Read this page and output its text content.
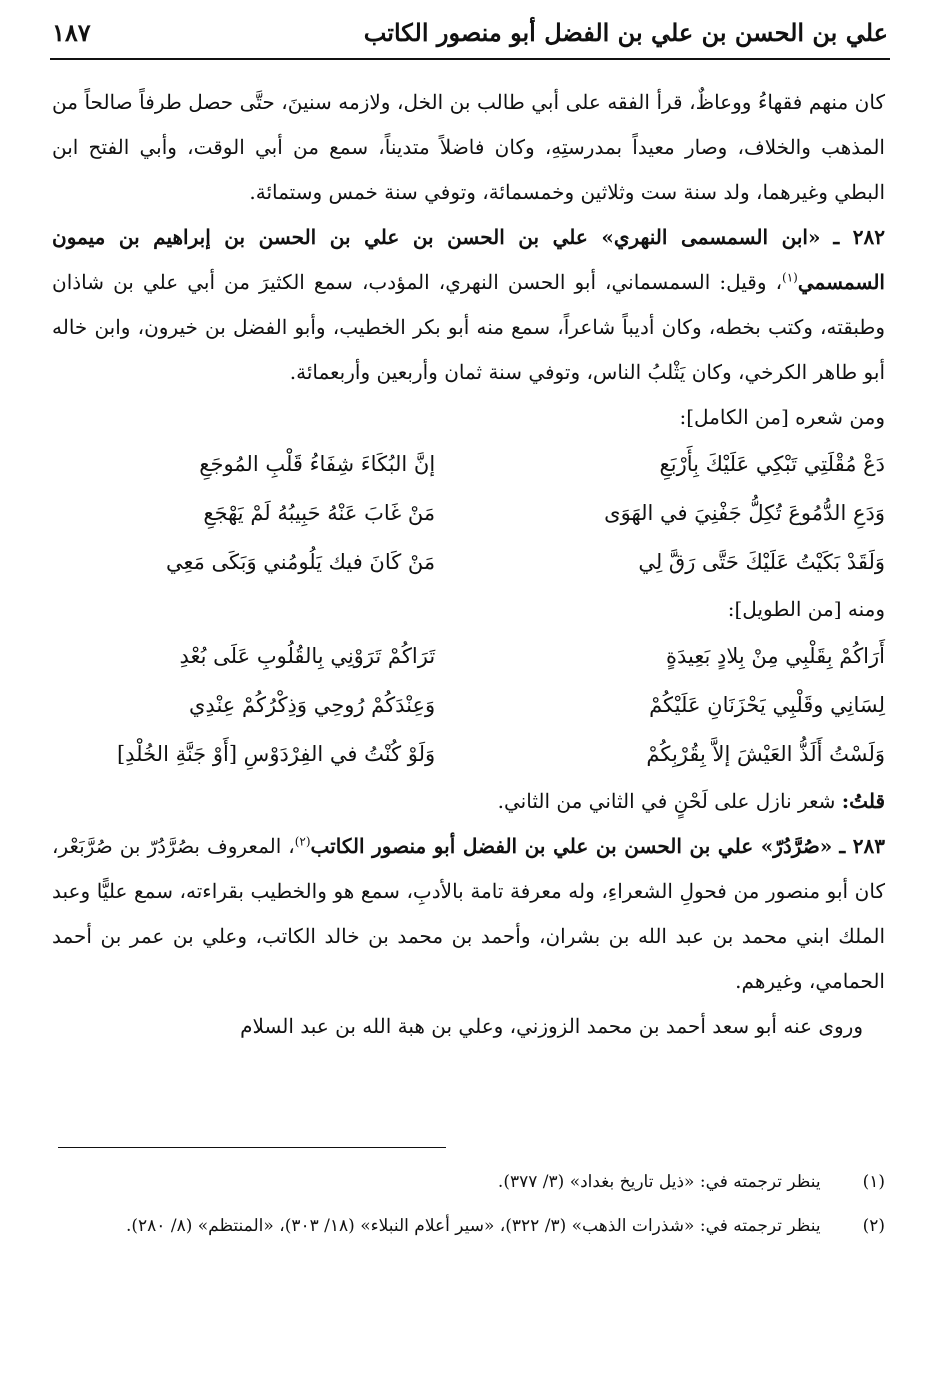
علي بن الحسن بن علي بن الفضل أبو منصور الكاتب
١٨٧

كان منهم فقهاءُ ووعاظٌ، قرأ الفقه على أبي طالب بن الخل، ولازمه سنينَ، حتَّى حصل طرفاً صالحاً من المذهب والخلاف، وصار معيداً بمدرستِهِ، وكان فاضلاً متديناً، سمع من أبي الوقت، وأبي الفتح ابن البطي وغيرهما، ولد سنة ست وثلاثين وخمسمائة، وتوفي سنة خمس وستمائة.

٢٨٢ ـ «ابن السمسمى النهري» علي بن الحسن بن علي بن الحسن بن إبراهيم بن ميمون السمسمي$^{(١)}$، وقيل: السمسماني، أبو الحسن النهري، المؤدب، سمع الكثيرَ من أبي علي بن شاذان وطبقته، وكتب بخطه، وكان أديباً شاعراً، سمع منه أبو بكر الخطيب، وأبو الفضل بن خيرون، وابن خاله أبو طاهر الكرخي، وكان يَثْلبُ الناس، وتوفي سنة ثمان وأربعين وأربعمائة.

ومن شعره [من الكامل]:

دَعْ مُقْلَتِي تَبْكِي عَلَيْكَ بِأَرْبَعِ
إنَّ البُكَاءَ شِفَاءُ قَلْبِ المُوجَعِ
وَدَعِ الدُّمُوعَ تُكِلُّ جَفْنِيَ في الهَوَى
مَنْ غَابَ عَنْهُ حَبِيبُهُ لَمْ يَهْجَعِ
وَلَقَدْ بَكَيْتُ عَلَيْكَ حَتَّى رَقَّ لِي
مَنْ كَانَ فيك يَلُومُني وَبَكَى مَعِي

ومنه [من الطويل]:

أَرَاكُمْ بِقَلْبِي مِنْ بِلادٍ بَعِيدَةٍ
تَرَاكُمْ تَرَوْنِي بِالقُلُوبِ عَلَى بُعْدِ
لِسَانِي وقَلْبِي يَحْزَنَانِ عَلَيْكُمْ
وَعِنْدَكُمْ رُوحِي وَذِكْرُكُمْ عِنْدِي
وَلَسْتُ أَلَذُّ العَيْشَ إلاَّ بِقُرْبِكُمْ
وَلَوْ كُنْتُ في الفِرْدَوْسِ [أَوْ جَنَّةِ الخُلْدِ]

قلتُ: شعر نازل على لَحْنٍ في الثاني من الثاني.

٢٨٣ ـ «صُرَّدُرّ» علي بن الحسن بن علي بن الفضل أبو منصور الكاتب$^{(٢)}$، المعروف بصُرَّدُرّ بن صُرَّبَعْر، كان أبو منصور من فحولِ الشعراءِ، وله معرفة تامة بالأدبِ، سمع هو والخطيب بقراءته، سمع عليًّا وعبد الملك ابني محمد بن عبد الله بن بشران، وأحمد بن محمد بن خالد الكاتب، وعلي بن عمر بن أحمد الحمامي، وغيرهم.

وروى عنه أبو سعد أحمد بن محمد الزوزني، وعلي بن هبة الله بن عبد السلام

(١)
ينظر ترجمته في: «ذيل تاريخ بغداد» (٣/ ٣٧٧).
(٢)
ينظر ترجمته في: «شذرات الذهب» (٣/ ٣٢٢)، «سير أعلام النبلاء» (١٨/ ٣٠٣)، «المنتظم» (٨/ ٢٨٠).
